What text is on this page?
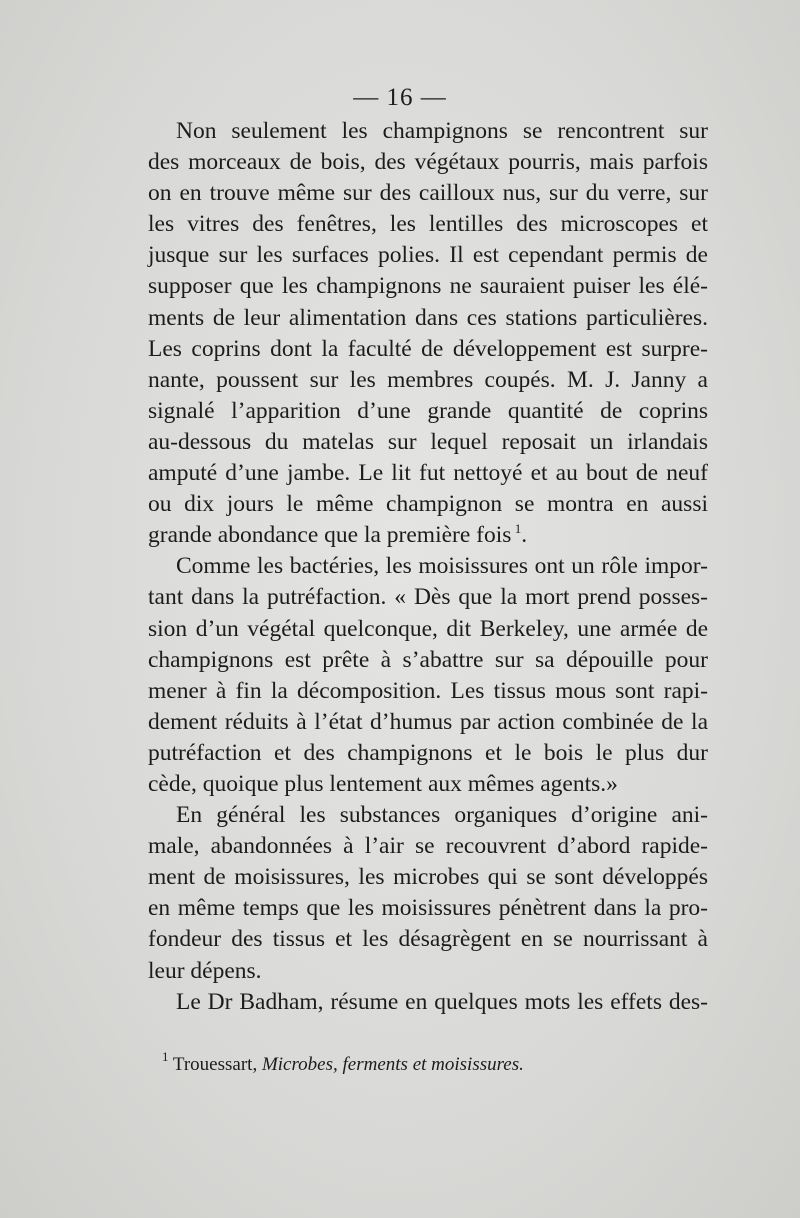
— 16 —
Non seulement les champignons se rencontrent sur
des morceaux de bois, des végétaux pourris, mais parfois
on en trouve même sur des cailloux nus, sur du verre, sur
les vitres des fenêtres, les lentilles des microscopes et
jusque sur les surfaces polies. Il est cependant permis de
supposer que les champignons ne sauraient puiser les élé-
ments de leur alimentation dans ces stations particulières.
Les coprins dont la faculté de développement est surpre-
nante, poussent sur les membres coupés. M. J. Janny a
signalé l’apparition d’une grande quantité de coprins
au-dessous du matelas sur lequel reposait un irlandais
amputé d’une jambe. Le lit fut nettoyé et au bout de neuf
ou dix jours le même champignon se montra en aussi
grande abondance que la première fois $^1$.
Comme les bactéries, les moisissures ont un rôle impor-
tant dans la putréfaction. « Dès que la mort prend posses-
sion d’un végétal quelconque, dit Berkeley, une armée de
champignons est prête à s’abattre sur sa dépouille pour
mener à fin la décomposition. Les tissus mous sont rapi-
dement réduits à l’état d’humus par action combinée de la
putréfaction et des champignons et le bois le plus dur
cède, quoique plus lentement aux mêmes agents.»
En général les substances organiques d’origine ani-
male, abandonnées à l’air se recouvrent d’abord rapide-
ment de moisissures, les microbes qui se sont développés
en même temps que les moisissures pénètrent dans la pro-
fondeur des tissus et les désagrègent en se nourrissant à
leur dépens.
Le Dr Badham, résume en quelques mots les effets des-
$^1$ Trouessart, Microbes, ferments et moisissures.
